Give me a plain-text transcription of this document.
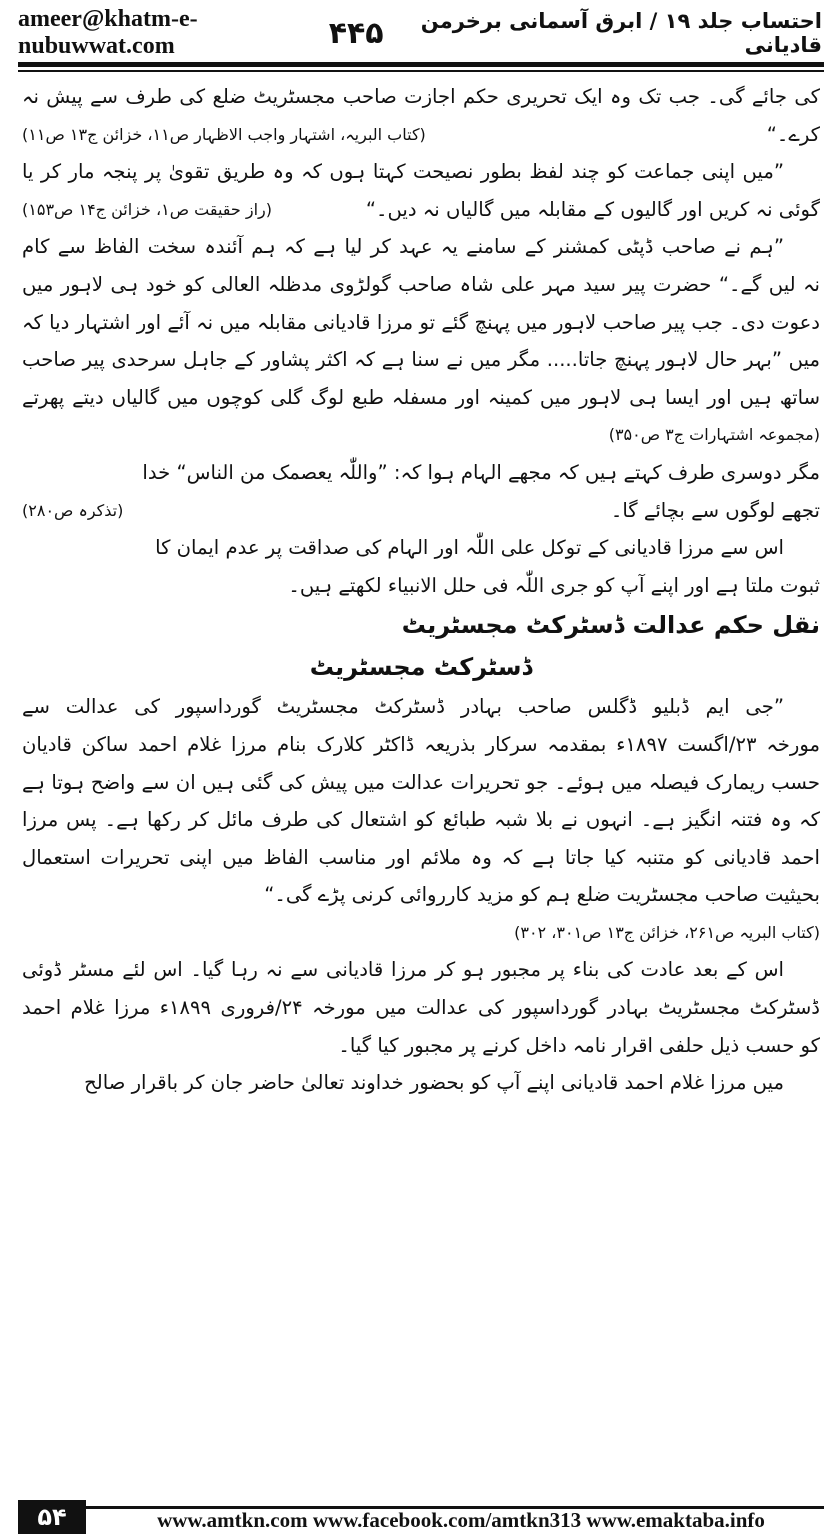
ameer@khatm-e-nubuwwat.com	۴۴۵	احتساب جلد ۱۹ / ابرق آسمانی برخرمن قادیانی
کی جائے گی۔ جب تک وہ ایک تحریری حکم اجازت صاحب مجسٹریٹ ضلع کی طرف سے پیش نہ
کرے۔“
(کتاب البریہ، اشتہار واجب الاظہار ص۱۱، خزائن ج۱۳ ص۱۱)
”میں اپنی جماعت کو چند لفظ بطور نصیحت کہتا ہوں کہ وہ طریق تقویٰ پر پنجہ مار کر یا
گوئی نہ کریں اور گالیوں کے مقابلہ میں گالیاں نہ دیں۔“
(راز حقیقت ص۱، خزائن ج۱۴ ص۱۵۳)
”ہم نے صاحب ڈپٹی کمشنر کے سامنے یہ عہد کر لیا ہے کہ ہم آئندہ سخت الفاظ سے کام
نہ لیں گے۔“ حضرت پیر سید مہر علی شاہ صاحب گولڑوی مدظلہ العالی کو خود ہی لاہور میں
دعوت دی۔ جب پیر صاحب لاہور میں پہنچ گئے تو مرزا قادیانی مقابلہ میں نہ آئے اور اشتہار دیا کہ
میں ”بہر حال لاہور پہنچ جاتا..... مگر میں نے سنا ہے کہ اکثر پشاور کے جاہل سرحدی پیر صاحب
ساتھ ہیں اور ایسا ہی لاہور میں کمینہ اور مسفلہ طبع لوگ گلی کوچوں میں گالیاں دیتے پھرتے
(مجموعہ اشتہارات ج۳ ص۳۵۰)
مگر دوسری طرف کہتے ہیں کہ مجھے الہام ہوا کہ: ”واللّٰہ یعصمک من الناس“ خدا
تجھے لوگوں سے بچائے گا۔
(تذکرہ ص۲۸۰)
اس سے مرزا قادیانی کے توکل علی اللّٰہ اور الہام کی صداقت پر عدم ایمان کا
ثبوت ملتا ہے اور اپنے آپ کو جری اللّٰہ فی حلل الانبیاء لکھتے ہیں۔
نقل حکم عدالت ڈسٹرکٹ مجسٹریٹ
ڈسٹرکٹ مجسٹریٹ
”جی ایم ڈبلیو ڈگلس صاحب بہادر ڈسٹرکٹ مجسٹریٹ گورداسپور کی عدالت سے
مورخہ ۲۳/اگست ۱۸۹۷ء بمقدمہ سرکار بذریعہ ڈاکٹر کلارک بنام مرزا غلام احمد ساکن قادیان
حسب ریمارک فیصلہ میں ہوئے۔ جو تحریرات عدالت میں پیش کی گئی ہیں ان سے واضح ہوتا ہے
کہ وہ فتنہ انگیز ہے۔ انہوں نے بلا شبہ طبائع کو اشتعال کی طرف مائل کر رکھا ہے۔ پس مرزا
احمد قادیانی کو متنبہ کیا جاتا ہے کہ وہ ملائم اور مناسب الفاظ میں اپنی تحریرات استعمال
بحیثیت صاحب مجسٹریت ضلع ہم کو مزید کارروائی کرنی پڑے گی۔“
(کتاب البریہ ص۲۶۱، خزائن ج۱۳ ص۳۰۱، ۳۰۲)
اس کے بعد عادت کی بناء پر مجبور ہو کر مرزا قادیانی سے نہ رہا گیا۔ اس لئے مسٹر ڈوئی
ڈسٹرکٹ مجسٹریٹ بہادر گورداسپور کی عدالت میں مورخہ ۲۴/فروری ۱۸۹۹ء مرزا غلام احمد
کو حسب ذیل حلفی اقرار نامہ داخل کرنے پر مجبور کیا گیا۔
میں مرزا غلام احمد قادیانی اپنے آپ کو بحضور خداوند تعالیٰ حاضر جان کر باقرار صالح
۵۴	www.amtkn.com www.facebook.com/amtkn313 www.emaktaba.info
